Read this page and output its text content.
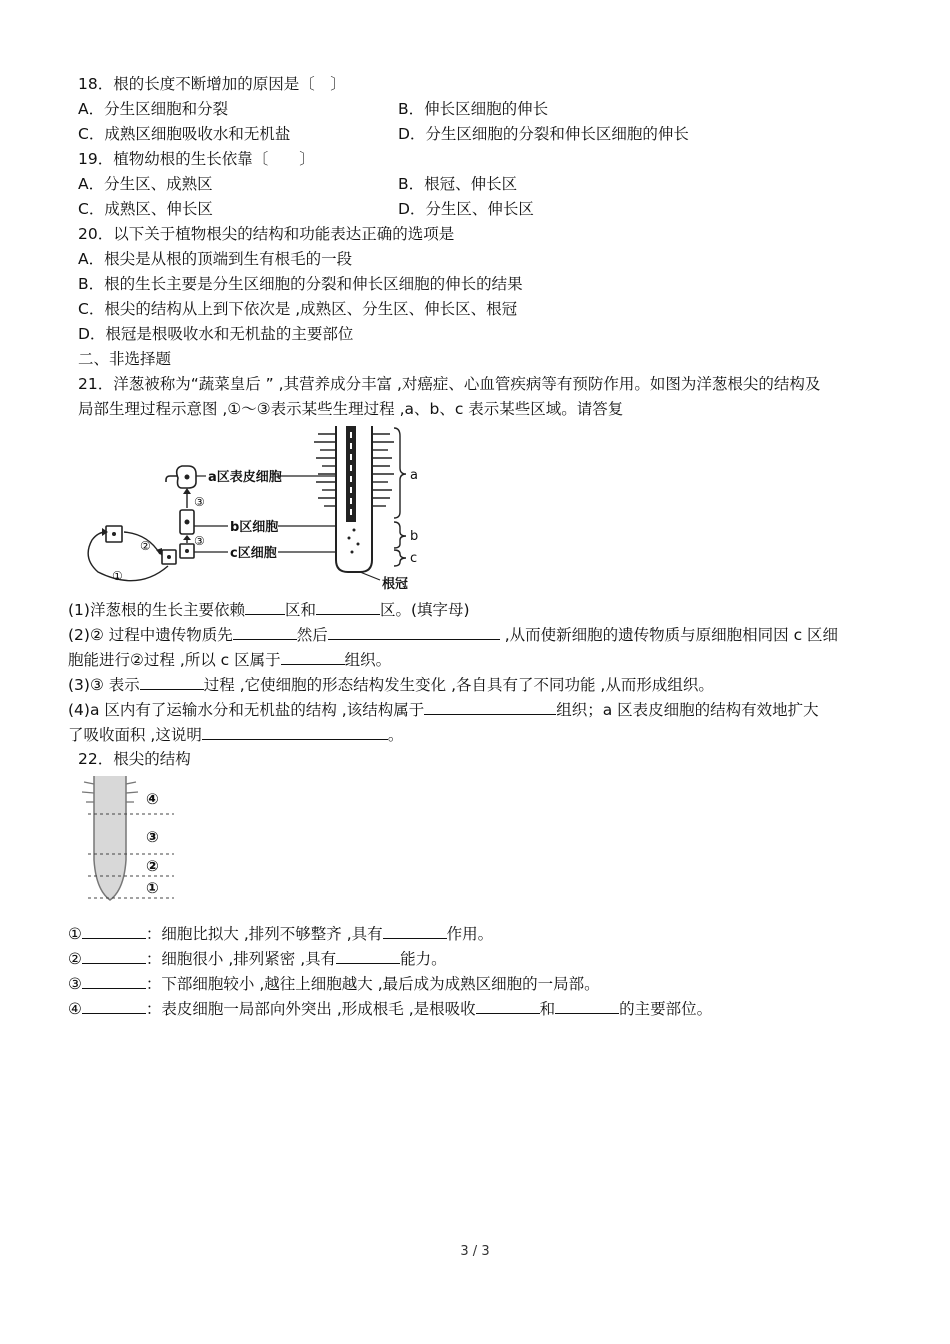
18．根的长度不断增加的原因是〔　〕
A．分生区细胞和分裂	B．伸长区细胞的伸长
C．成熟区细胞吸收水和无机盐	D．分生区细胞的分裂和伸长区细胞的伸长
19．植物幼根的生长依靠〔　　〕
A．分生区、成熟区	B．根冠、伸长区
C．成熟区、伸长区	D．分生区、伸长区
20．以下关于植物根尖的结构和功能表达正确的选项是
A．根尖是从根的顶端到生有根毛的一段
B．根的生长主要是分生区细胞的分裂和伸长区细胞的伸长的结果
C．根尖的结构从上到下依次是 ,成熟区、分生区、伸长区、根冠
D．根冠是根吸收水和无机盐的主要部位
二、非选择题
21．洋葱被称为“蔬菜皇后 ” ,其营养成分丰富 ,对癌症、心血管疾病等有预防作用。如图为洋葱根尖的结构及
局部生理过程示意图 ,①～③表示某些生理过程 ,a、b、c 表示某些区域。请答复
a
b
c
根冠
a区表皮细胞
b区细胞
c区细胞
③
③
②
①
(1)洋葱根的生长主要依赖	区和	区。(填字母)
(2)② 过程中遗传物质先	然后	,从而使新细胞的遗传物质与原细胞相同因 c 区细
胞能进行②过程 ,所以 c 区属于	组织。
(3)③ 表示	过程 ,它使细胞的形态结构发生变化 ,各自具有了不同功能 ,从而形成组织。
(4)a 区内有了运输水分和无机盐的结构 ,该结构属于	组织；a 区表皮细胞的结构有效地扩大
了吸收面积 ,这说明	。
22．根尖的结构
④
③
②
①
①	：细胞比拟大 ,排列不够整齐 ,具有	作用。
②	：细胞很小 ,排列紧密 ,具有	能力。
③	：下部细胞较小 ,越往上细胞越大 ,最后成为成熟区细胞的一局部。
④	：表皮细胞一局部向外突出 ,形成根毛 ,是根吸收	和	的主要部位。
3 / 3
